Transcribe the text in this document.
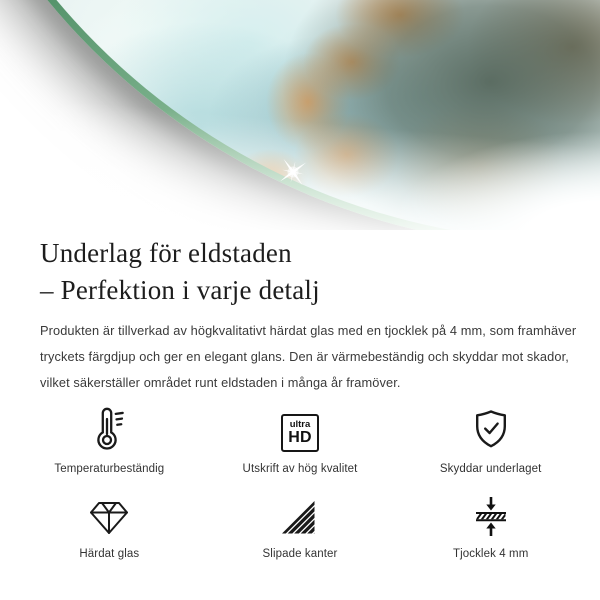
Underlag för eldstaden
– Perfektion i varje detalj
Produkten är tillverkad av högkvalitativt härdat glas med en tjocklek på 4 mm, som framhäver
tryckets färgdjup och ger en elegant glans. Den är värmebeständig och skyddar mot skador,
vilket säkerställer området runt eldstaden i många år framöver.
Temperaturbeständig
ultra
HD
Utskrift av hög kvalitet	Skyddar underlaget
Härdat glas	Slipade kanter	Tjocklek 4 mm
